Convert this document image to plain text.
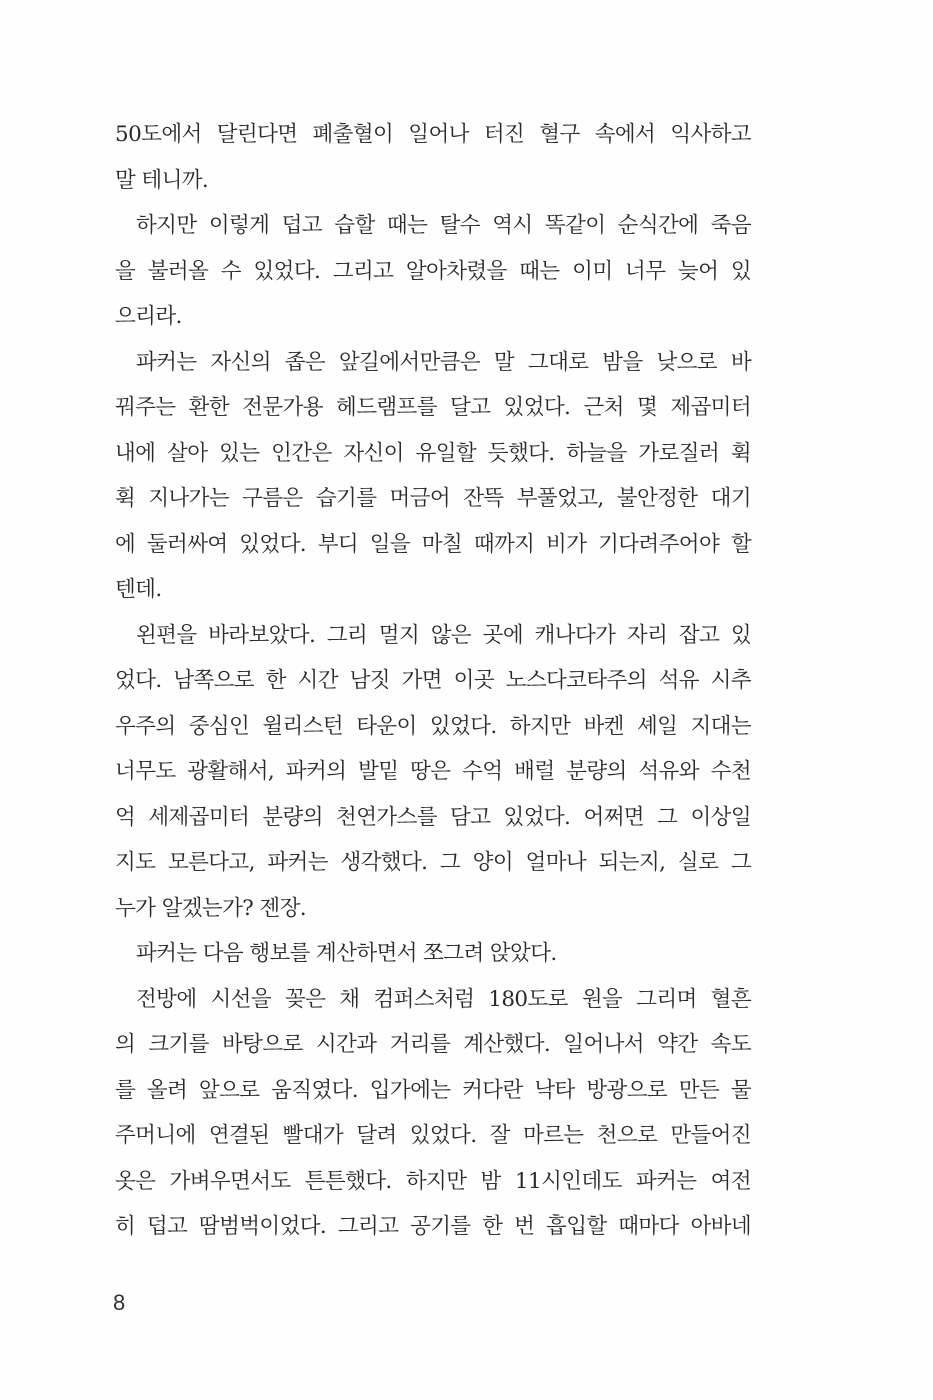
50도에서 달린다면 폐출혈이 일어나 터진 혈구 속에서 익사하고
말 테니까.
하지만 이렇게 덥고 습할 때는 탈수 역시 똑같이 순식간에 죽음
을 불러올 수 있었다. 그리고 알아차렸을 때는 이미 너무 늦어 있
으리라.
파커는 자신의 좁은 앞길에서만큼은 말 그대로 밤을 낮으로 바
꿔주는 환한 전문가용 헤드램프를 달고 있었다. 근처 몇 제곱미터
내에 살아 있는 인간은 자신이 유일할 듯했다. 하늘을 가로질러 휙
휙 지나가는 구름은 습기를 머금어 잔뜩 부풀었고, 불안정한 대기
에 둘러싸여 있었다. 부디 일을 마칠 때까지 비가 기다려주어야 할
텐데.
왼편을 바라보았다. 그리 멀지 않은 곳에 캐나다가 자리 잡고 있
었다. 남쪽으로 한 시간 남짓 가면 이곳 노스다코타주의 석유 시추
우주의 중심인 윌리스턴 타운이 있었다. 하지만 바켄 셰일 지대는
너무도 광활해서, 파커의 발밑 땅은 수억 배럴 분량의 석유와 수천
억 세제곱미터 분량의 천연가스를 담고 있었다. 어쩌면 그 이상일
지도 모른다고, 파커는 생각했다. 그 양이 얼마나 되는지, 실로 그
누가 알겠는가? 젠장.
파커는 다음 행보를 계산하면서 쪼그려 앉았다.
전방에 시선을 꽂은 채 컴퍼스처럼 180도로 원을 그리며 혈흔
의 크기를 바탕으로 시간과 거리를 계산했다. 일어나서 약간 속도
를 올려 앞으로 움직였다. 입가에는 커다란 낙타 방광으로 만든 물
주머니에 연결된 빨대가 달려 있었다. 잘 마르는 천으로 만들어진
옷은 가벼우면서도 튼튼했다. 하지만 밤 11시인데도 파커는 여전
히 덥고 땀범벅이었다. 그리고 공기를 한 번 흡입할 때마다 아바네
8
